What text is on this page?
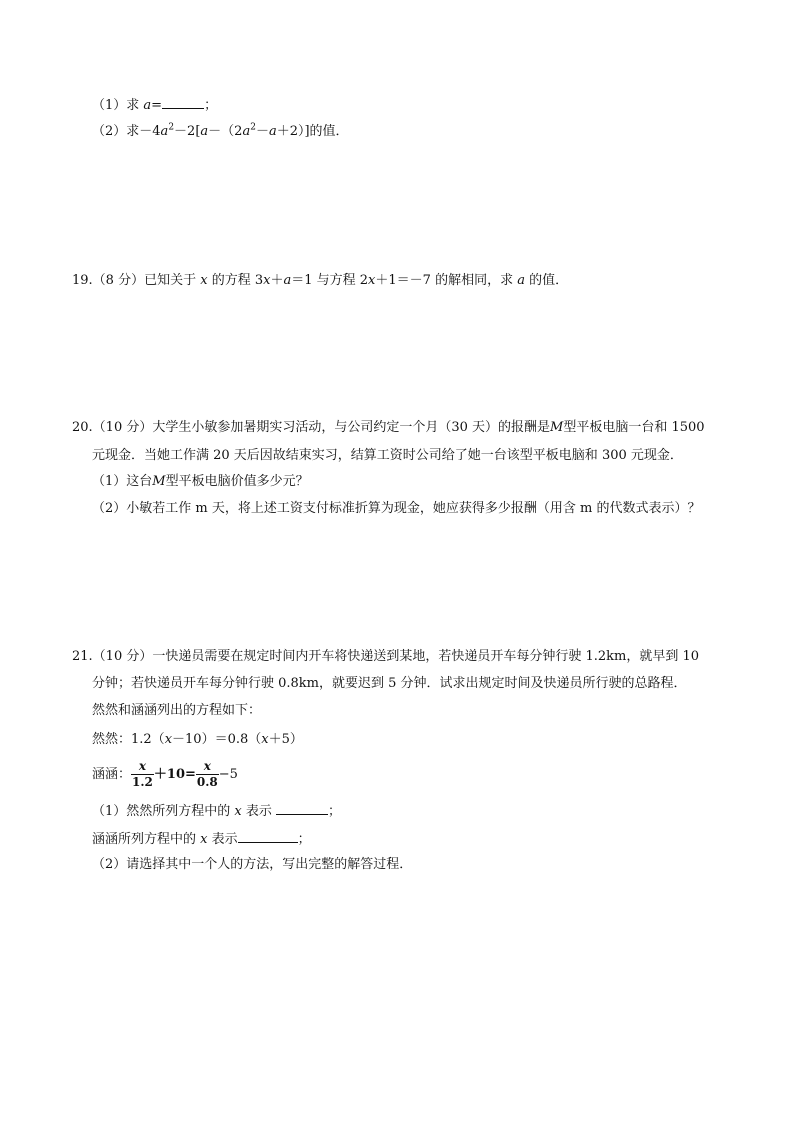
（1）求 a=	；
（2）求$-4a^2-2[a-(2a^2-a+2)]$的值．
19.（8 分）已知关于 x 的方程 3x＋a＝1 与方程 2x＋1＝－7 的解相同，求 a 的值．
20.（10 分）大学生小敏参加暑期实习活动，与公司约定一个月（30 天）的报酬是M型平板电脑一台和 1500
元现金．当她工作满 20 天后因故结束实习，结算工资时公司给了她一台该型平板电脑和 300 元现金．
（1）这台M型平板电脑价值多少元？
（2）小敏若工作 m 天，将上述工资支付标准折算为现金，她应获得多少报酬（用含 m 的代数式表示）？
21.（10 分）一快递员需要在规定时间内开车将快递送到某地，若快递员开车每分钟行驶 1.2km，就早到 10
分钟；若快递员开车每分钟行驶 0.8km，就要迟到 5 分钟．试求出规定时间及快递员所行驶的总路程．
然然和涵涵列出的方程如下：
然然：1.2（x－10）＝0.8（x＋5）
涵涵： $\frac{x}{1.2} +10= \frac{x}{0.8} -5$
（1）然然所列方程中的 x 表示	；
涵涵所列方程中的 x 表示	；
（2）请选择其中一个人的方法，写出完整的解答过程．
